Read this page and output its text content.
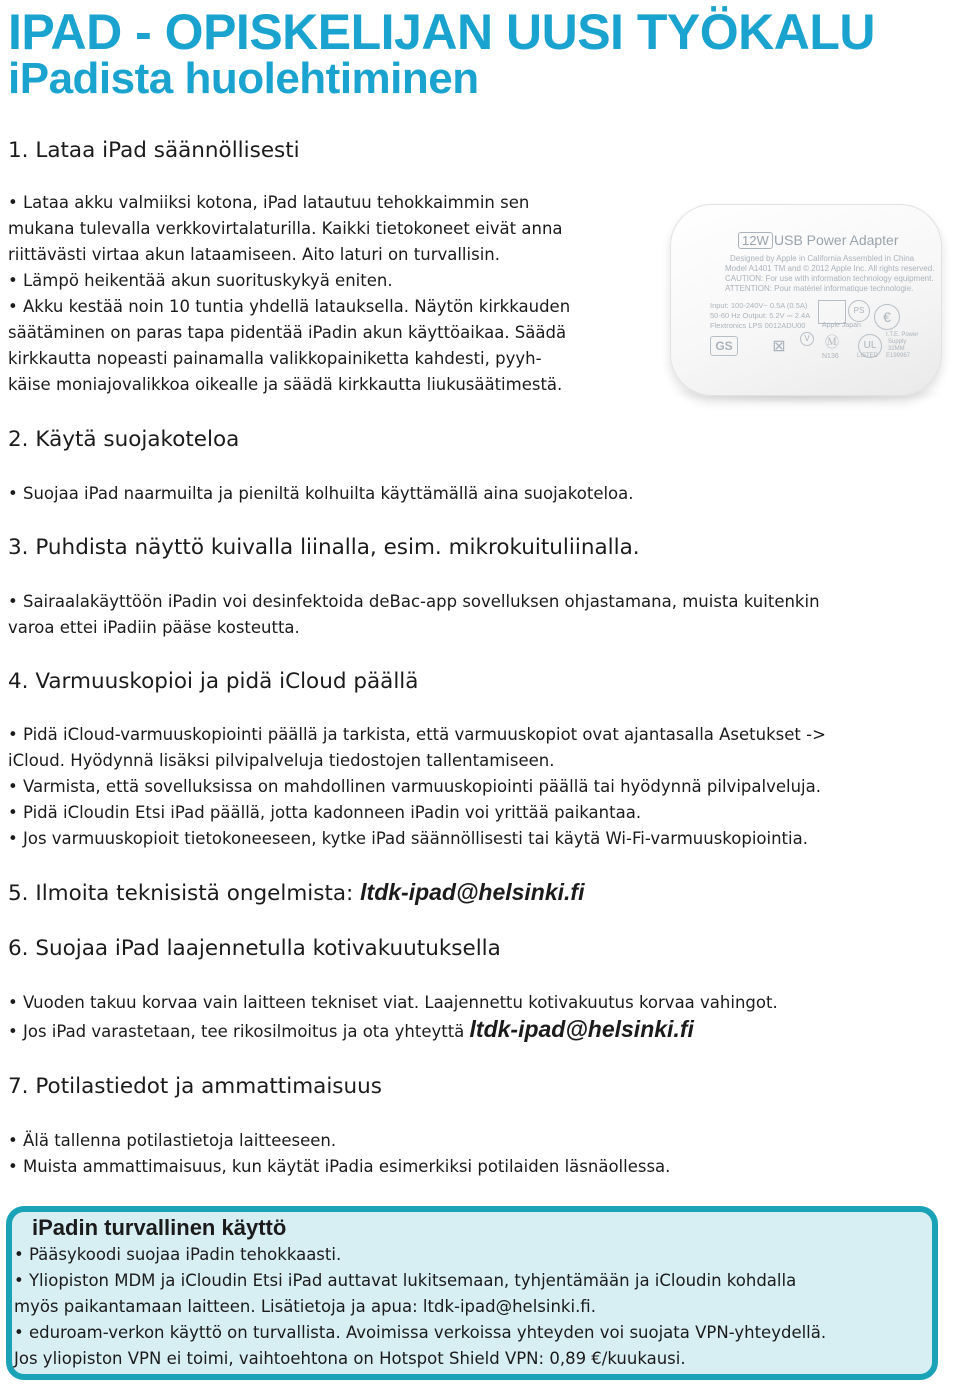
IPAD - OPISKELIJAN UUSI TYÖKALU
iPadista huolehtiminen
1. Lataa iPad säännöllisesti
• Lataa akku valmiiksi kotona, iPad latautuu tehokkaimmin sen
mukana tulevalla verkkovirtalaturilla. Kaikki tietokoneet eivät anna
riittävästi virtaa akun lataamiseen. Aito laturi on turvallisin.
• Lämpö heikentää akun suorituskykyä eniten.
• Akku kestää noin 10 tuntia yhdellä latauksella. Näytön kirkkauden
säätäminen on paras tapa pidentää iPadin akun käyttöaikaa. Säädä
kirkkautta nopeasti painamalla valikkopainiketta kahdesti, pyyh-
käise moniajovalikkoa oikealle ja säädä kirkkautta liukusäätimestä.
12W USB Power Adapter
Designed by Apple in California Assembled in China
Model A1401 TM and © 2012 Apple Inc. All rights reserved.
CAUTION: For use with information technology equipment.
ATTENTION: Pour matériel informatique technologie.
Input: 100-240V~ 0.5A (0.5A)
50-60 Hz Output: 5.2V ⎓ 2.4A
Flextronics LPS 0012ADU00
PS
Apple Japan
€
GS	⊠	V	Ⓜ
N136
UL
LISTED
I.T.E. Power
Supply
32MM
E199967
2. Käytä suojakoteloa
• Suojaa iPad naarmuilta ja pieniltä kolhuilta käyttämällä aina suojakoteloa.
3. Puhdista näyttö kuivalla liinalla, esim. mikrokuituliinalla.
• Sairaalakäyttöön iPadin voi desinfektoida deBac-app sovelluksen ohjastamana, muista kuitenkin
varoa ettei iPadiin pääse kosteutta.
4. Varmuuskopioi ja pidä iCloud päällä
• Pidä iCloud-varmuuskopiointi päällä ja tarkista, että varmuuskopiot ovat ajantasalla Asetukset ->
iCloud. Hyödynnä lisäksi pilvipalveluja tiedostojen tallentamiseen.
• Varmista, että sovelluksissa on mahdollinen varmuuskopiointi päällä tai hyödynnä pilvipalveluja.
• Pidä iCloudin Etsi iPad päällä, jotta kadonneen iPadin voi yrittää paikantaa.
• Jos varmuuskopioit tietokoneeseen, kytke iPad säännöllisesti tai käytä Wi-Fi-varmuuskopiointia.
5. Ilmoita teknisistä ongelmista: ltdk-ipad@helsinki.fi
6. Suojaa iPad laajennetulla kotivakuutuksella
• Vuoden takuu korvaa vain laitteen tekniset viat. Laajennettu kotivakuutus korvaa vahingot.
• Jos iPad varastetaan, tee rikosilmoitus ja ota yhteyttä ltdk-ipad@helsinki.fi
7. Potilastiedot ja ammattimaisuus
• Älä tallenna potilastietoja laitteeseen.
• Muista ammattimaisuus, kun käytät iPadia esimerkiksi potilaiden läsnäollessa.
iPadin turvallinen käyttö
• Pääsykoodi suojaa iPadin tehokkaasti.
• Yliopiston MDM ja iCloudin Etsi iPad auttavat lukitsemaan, tyhjentämään ja iCloudin kohdalla
myös paikantamaan laitteen. Lisätietoja ja apua: ltdk-ipad@helsinki.fi.
• eduroam-verkon käyttö on turvallista. Avoimissa verkoissa yhteyden voi suojata VPN-yhteydellä.
Jos yliopiston VPN ei toimi, vaihtoehtona on Hotspot Shield VPN: 0,89 €/kuukausi.
